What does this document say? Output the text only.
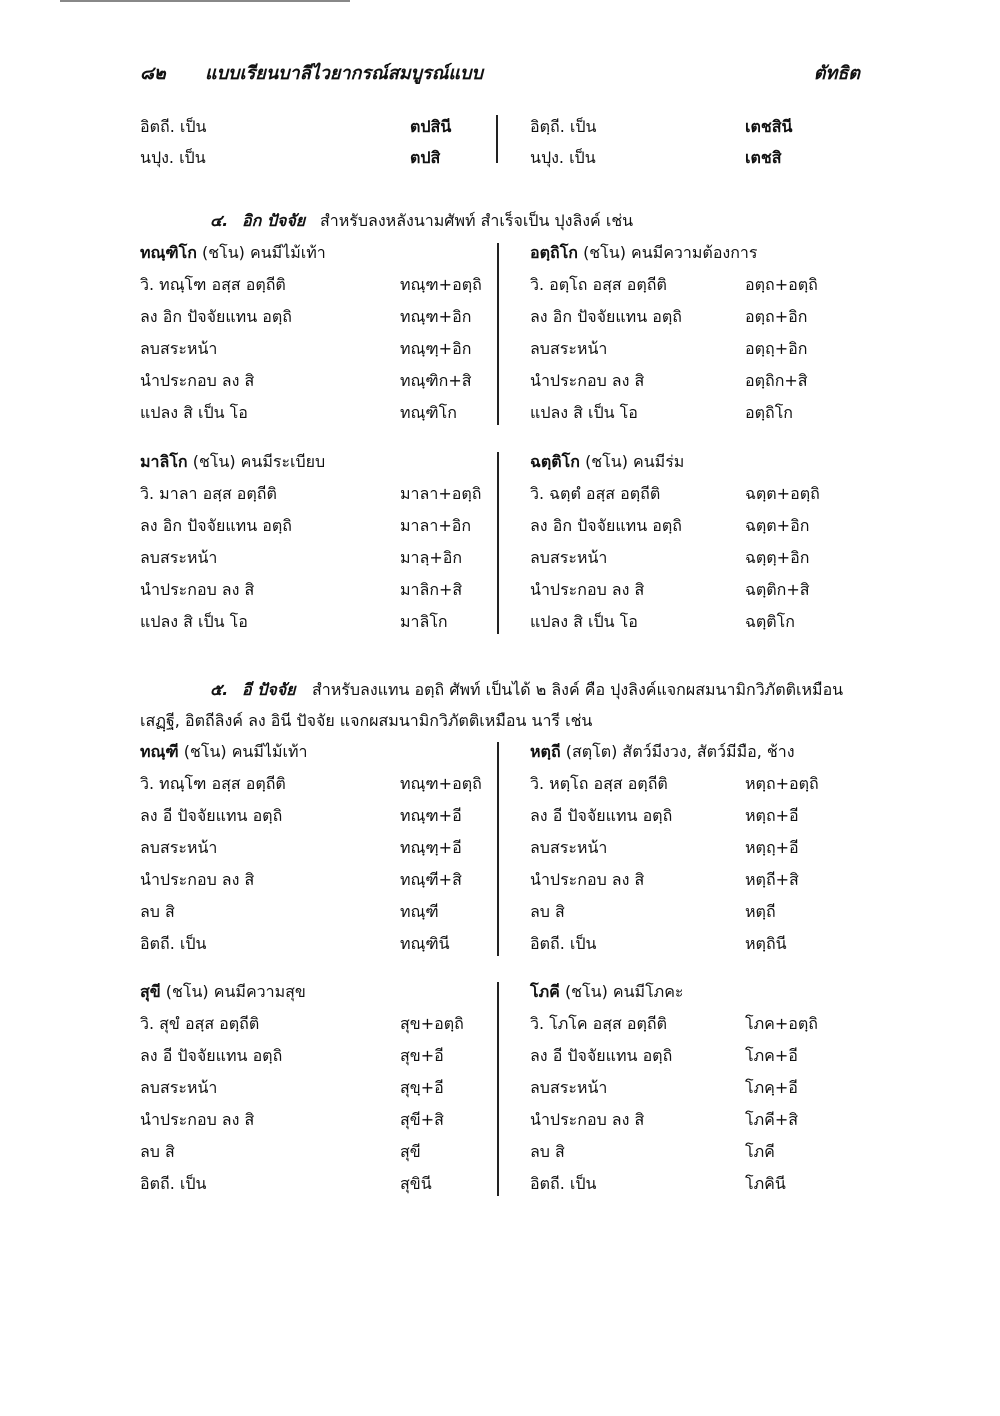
๘๒ แบบเรียนบาลีไวยากรณ์สมบูรณ์แบบ	ตัทธิต
อิตถี. เป็น	ตปสินี	อิตฺถี. เป็น	เตชสินี
นปุง. เป็น	ตปสิ	นปุง. เป็น	เตชสิ
๔. อิก ปัจจัย สำหรับลงหลังนามศัพท์ สำเร็จเป็น ปุงลิงค์ เช่น
ทณฺฑิโก (ชโน) คนมีไม้เท้า	อตฺถิโก (ชโน) คนมีความต้องการ
วิ. ทณฺโฑ อสฺส อตฺถีติ	ทณฺฑ+อตฺถิ	วิ. อตฺโถ อสฺส อตฺถีติ	อตฺถ+อตฺถิ
ลง อิก ปัจจัยแทน อตฺถิ	ทณฺฑ+อิก	ลง อิก ปัจจัยแทน อตฺถิ	อตฺถ+อิก
ลบสระหน้า	ทณฺฑฺ+อิก	ลบสระหน้า	อตฺถฺ+อิก
นำประกอบ ลง สิ	ทณฺฑิก+สิ	นำประกอบ ลง สิ	อตฺถิก+สิ
แปลง สิ เป็น โอ	ทณฺฑิโก	แปลง สิ เป็น โอ	อตฺถิโก
มาลิโก (ชโน) คนมีระเบียบ	ฉตฺติโก (ชโน) คนมีร่ม
วิ. มาลา อสฺส อตฺถีติ	มาลา+อตฺถิ	วิ. ฉตฺตํ อสฺส อตฺถีติ	ฉตฺต+อตฺถิ
ลง อิก ปัจจัยแทน อตฺถิ	มาลา+อิก	ลง อิก ปัจจัยแทน อตฺถิ	ฉตฺต+อิก
ลบสระหน้า	มาลฺ+อิก	ลบสระหน้า	ฉตฺตฺ+อิก
นำประกอบ ลง สิ	มาลิก+สิ	นำประกอบ ลง สิ	ฉตฺติก+สิ
แปลง สิ เป็น โอ	มาลิโก	แปลง สิ เป็น โอ	ฉตฺติโก
๕. อี ปัจจัย สำหรับลงแทน อตฺถิ ศัพท์ เป็นได้ ๒ ลิงค์ คือ ปุงลิงค์แจกผสมนามิกวิภัตติเหมือน
เสฏฺฐี, อิตถีลิงค์ ลง อินี ปัจจัย แจกผสมนามิกวิภัตติเหมือน นารี เช่น
ทณฺฑี (ชโน) คนมีไม้เท้า	หตฺถี (สตฺโต) สัตว์มีงวง, สัตว์มีมือ, ช้าง
วิ. ทณฺโฑ อสฺส อตฺถีติ	ทณฺฑ+อตฺถิ	วิ. หตฺโถ อสฺส อตฺถีติ	หตฺถ+อตฺถิ
ลง อี ปัจจัยแทน อตฺถิ	ทณฺฑ+อี	ลง อี ปัจจัยแทน อตฺถิ	หตฺถ+อี
ลบสระหน้า	ทณฺฑฺ+อี	ลบสระหน้า	หตฺถฺ+อี
นำประกอบ ลง สิ	ทณฺฑี+สิ	นำประกอบ ลง สิ	หตฺถี+สิ
ลบ สิ	ทณฺฑี	ลบ สิ	หตฺถี
อิตถี. เป็น	ทณฺฑินี	อิตถี. เป็น	หตฺถินี
สุขี (ชโน) คนมีความสุข	โภคี (ชโน) คนมีโภคะ
วิ. สุขํ อสฺส อตฺถีติ	สุข+อตฺถิ	วิ. โภโค อสฺส อตฺถีติ	โภค+อตฺถิ
ลง อี ปัจจัยแทน อตฺถิ	สุข+อี	ลง อี ปัจจัยแทน อตฺถิ	โภค+อี
ลบสระหน้า	สุขฺ+อี	ลบสระหน้า	โภคฺ+อี
นำประกอบ ลง สิ	สุขี+สิ	นำประกอบ ลง สิ	โภคี+สิ
ลบ สิ	สุขี	ลบ สิ	โภคี
อิตถี. เป็น	สุขินี	อิตถี. เป็น	โภคินี
